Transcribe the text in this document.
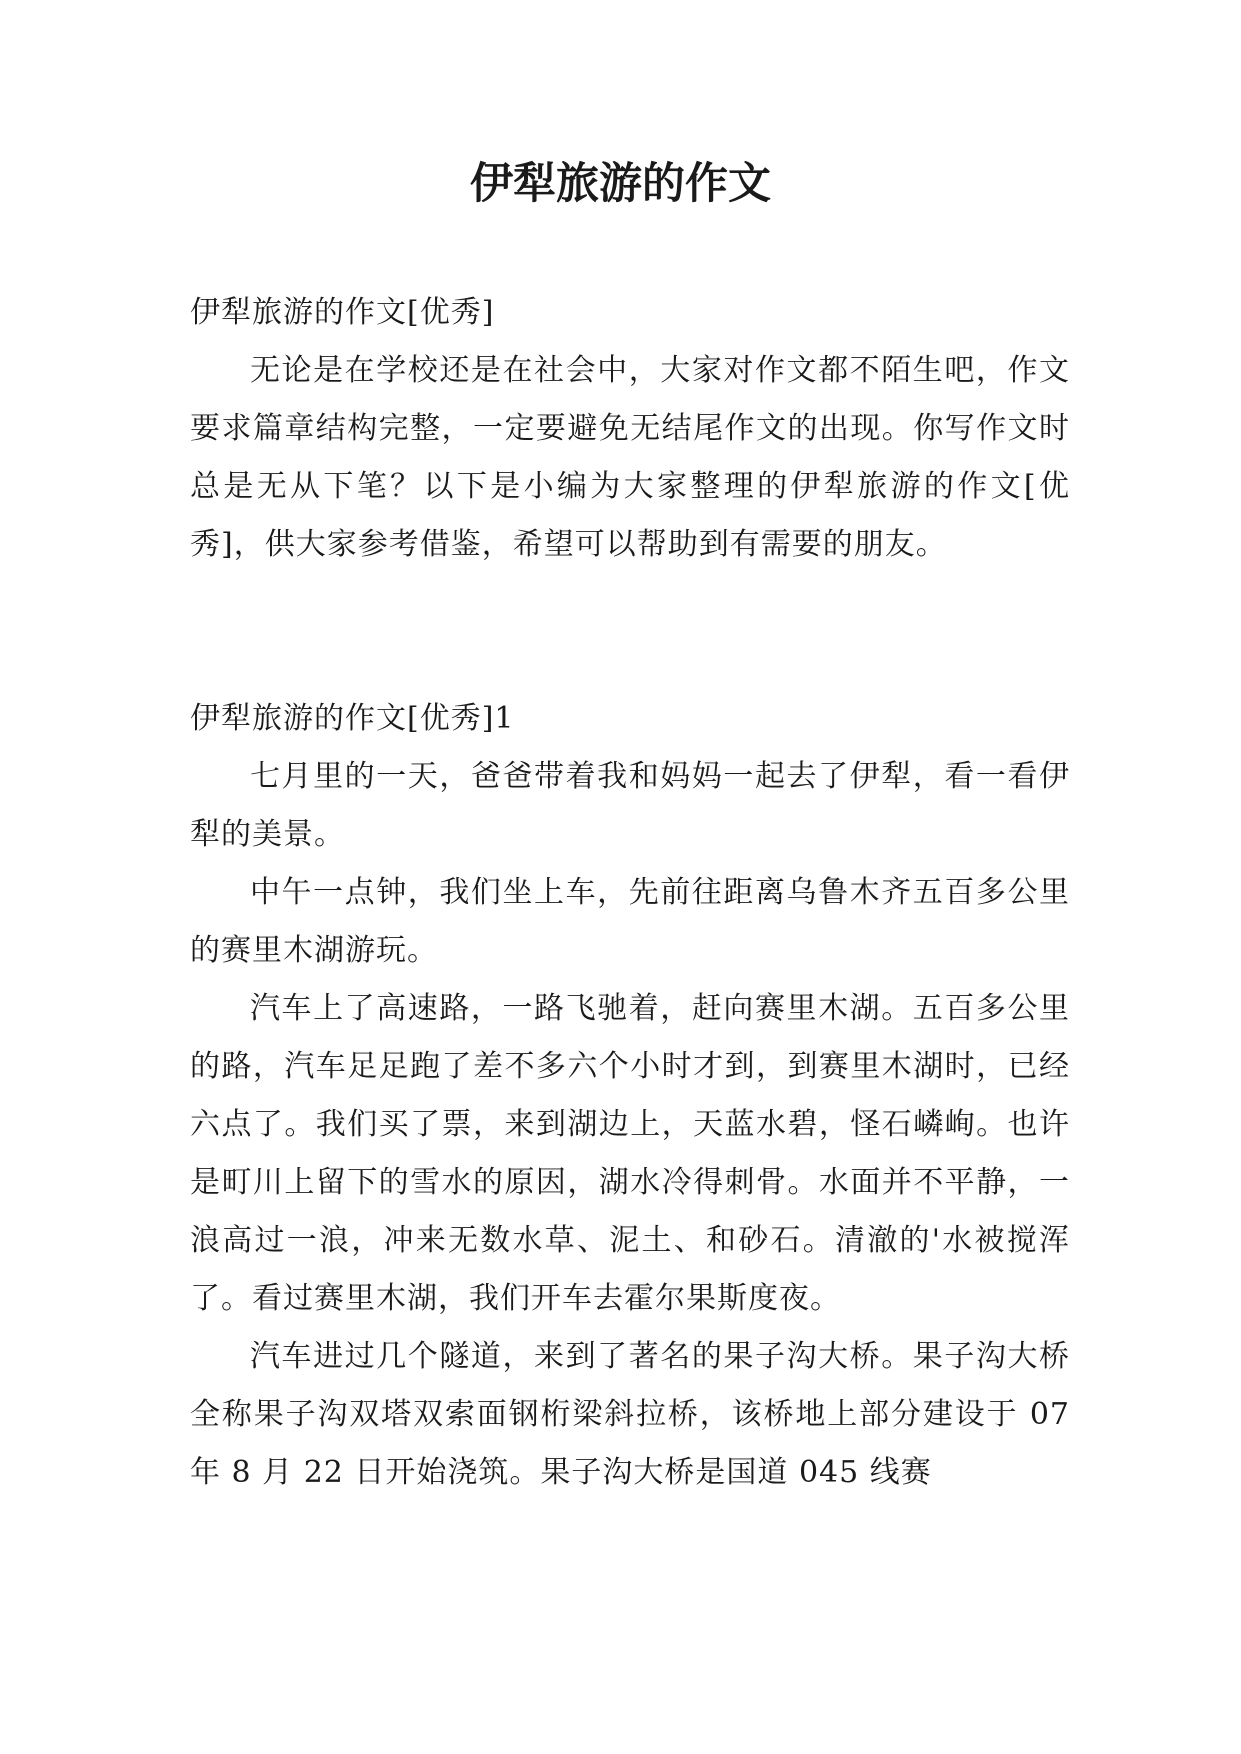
伊犁旅游的作文

伊犁旅游的作文[优秀]

无论是在学校还是在社会中，大家对作文都不陌生吧，作文要求篇章结构完整，一定要避免无结尾作文的出现。你写作文时总是无从下笔？以下是小编为大家整理的伊犁旅游的作文[优秀]，供大家参考借鉴，希望可以帮助到有需要的朋友。

伊犁旅游的作文[优秀]1

七月里的一天，爸爸带着我和妈妈一起去了伊犁，看一看伊犁的美景。

中午一点钟，我们坐上车，先前往距离乌鲁木齐五百多公里的赛里木湖游玩。

汽车上了高速路，一路飞驰着，赶向赛里木湖。五百多公里的路，汽车足足跑了差不多六个小时才到，到赛里木湖时，已经六点了。我们买了票，来到湖边上，天蓝水碧，怪石嶙峋。也许是町川上留下的雪水的原因，湖水冷得刺骨。水面并不平静，一浪高过一浪，冲来无数水草、泥土、和砂石。清澈的'水被搅浑了。看过赛里木湖，我们开车去霍尔果斯度夜。

汽车进过几个隧道，来到了著名的果子沟大桥。果子沟大桥全称果子沟双塔双索面钢桁梁斜拉桥，该桥地上部分建设于 07 年 8 月 22 日开始浇筑。果子沟大桥是国道 045 线赛
